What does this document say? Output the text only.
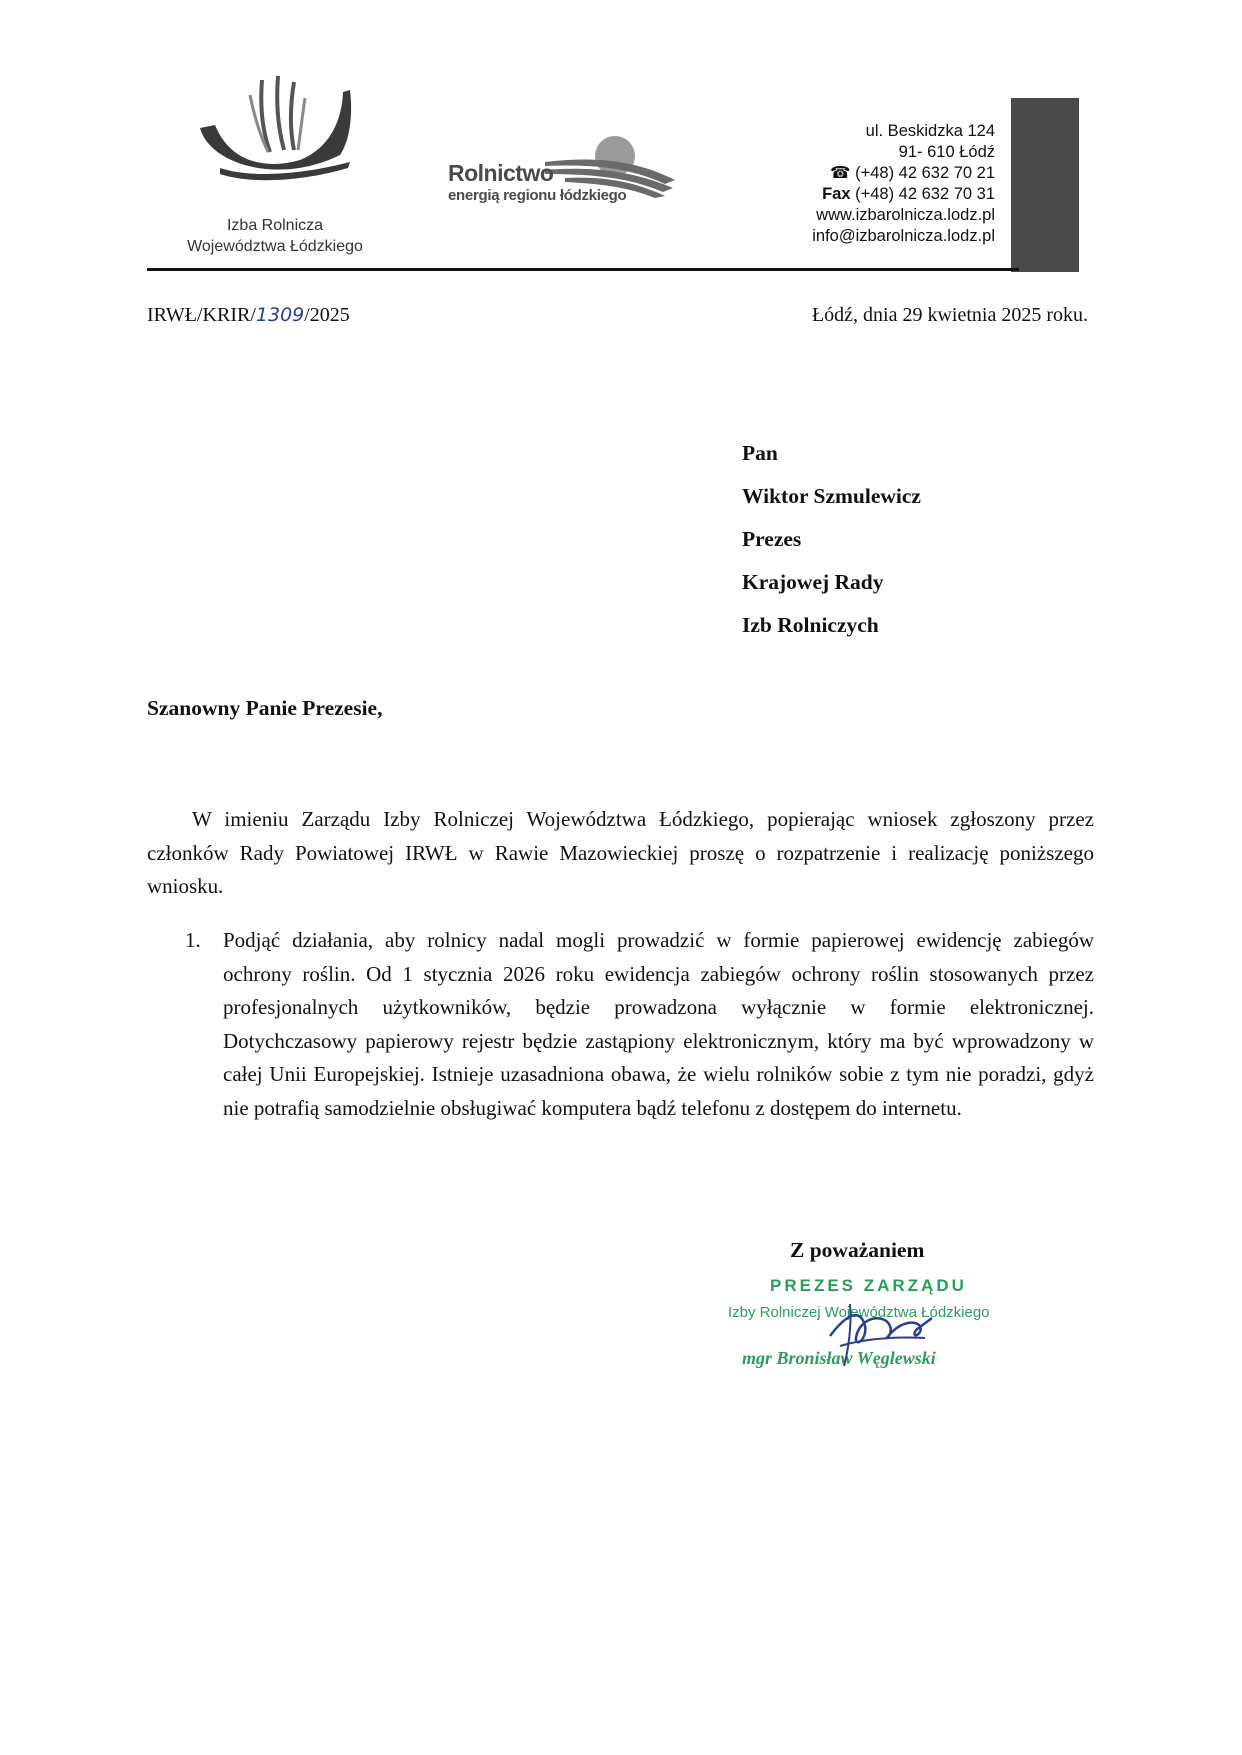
Izba Rolnicza
Województwa Łódzkiego
Rolnictwo
energią regionu łódzkiego
ul. Beskidzka 124
91- 610 Łódź
☎ (+48) 42 632 70 21
Fax (+48) 42 632 70 31
www.izbarolnicza.lodz.pl
info@izbarolnicza.lodz.pl
IRWŁ/KRIR/1309/2025	Łódź, dnia 29 kwietnia 2025 roku.
Pan
Wiktor Szmulewicz
Prezes
Krajowej Rady
Izb Rolniczych
Szanowny Panie Prezesie,
W imieniu Zarządu Izby Rolniczej Województwa Łódzkiego, popierając wniosek zgłoszony przez członków Rady Powiatowej IRWŁ w Rawie Mazowieckiej proszę o rozpatrzenie i realizację poniższego wniosku.
1. Podjąć działania, aby rolnicy nadal mogli prowadzić w formie papierowej ewidencję zabiegów ochrony roślin. Od 1 stycznia 2026 roku ewidencja zabiegów ochrony roślin stosowanych przez profesjonalnych użytkowników, będzie prowadzona wyłącznie w formie elektronicznej. Dotychczasowy papierowy rejestr będzie zastąpiony elektronicznym, który ma być wprowadzony w całej Unii Europejskiej. Istnieje uzasadniona obawa, że wielu rolników sobie z tym nie poradzi, gdyż nie potrafią samodzielnie obsługiwać komputera bądź telefonu z dostępem do internetu.
Z poważaniem
PREZES ZARZĄDU
Izby Rolniczej Województwa Łódzkiego
mgr Bronisław Węglewski
